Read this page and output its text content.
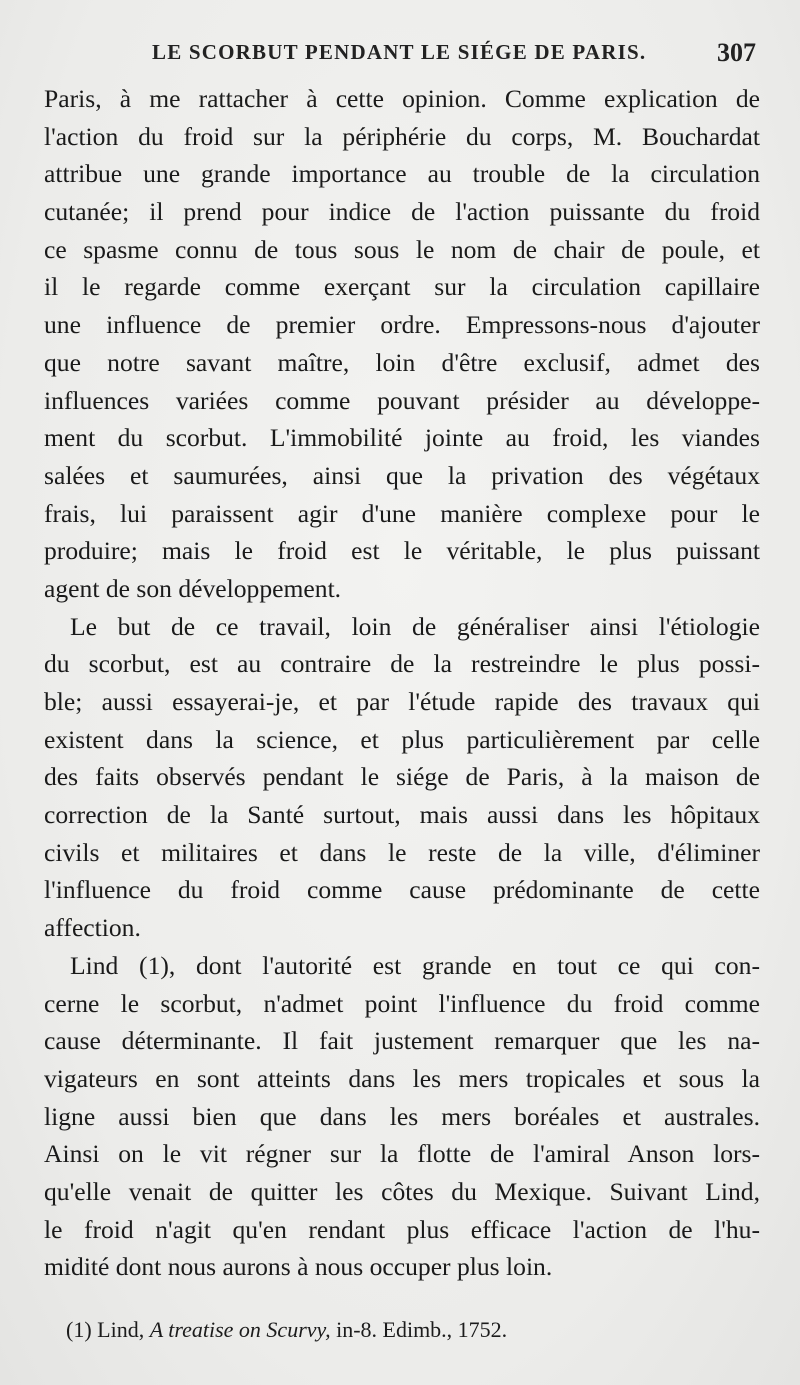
LE SCORBUT PENDANT LE SIÉGE DE PARIS.	307
Paris, à me rattacher à cette opinion. Comme explication de
l'action du froid sur la périphérie du corps, M. Bouchardat
attribue une grande importance au trouble de la circulation
cutanée; il prend pour indice de l'action puissante du froid
ce spasme connu de tous sous le nom de chair de poule, et
il le regarde comme exerçant sur la circulation capillaire
une influence de premier ordre. Empressons-nous d'ajouter
que notre savant maître, loin d'être exclusif, admet des
influences variées comme pouvant présider au développe-
ment du scorbut. L'immobilité jointe au froid, les viandes
salées et saumurées, ainsi que la privation des végétaux
frais, lui paraissent agir d'une manière complexe pour le
produire; mais le froid est le véritable, le plus puissant
agent de son développement.
Le but de ce travail, loin de généraliser ainsi l'étiologie
du scorbut, est au contraire de la restreindre le plus possi-
ble; aussi essayerai-je, et par l'étude rapide des travaux qui
existent dans la science, et plus particulièrement par celle
des faits observés pendant le siége de Paris, à la maison de
correction de la Santé surtout, mais aussi dans les hôpitaux
civils et militaires et dans le reste de la ville, d'éliminer
l'influence du froid comme cause prédominante de cette
affection.
Lind (1), dont l'autorité est grande en tout ce qui con-
cerne le scorbut, n'admet point l'influence du froid comme
cause déterminante. Il fait justement remarquer que les na-
vigateurs en sont atteints dans les mers tropicales et sous la
ligne aussi bien que dans les mers boréales et australes.
Ainsi on le vit régner sur la flotte de l'amiral Anson lors-
qu'elle venait de quitter les côtes du Mexique. Suivant Lind,
le froid n'agit qu'en rendant plus efficace l'action de l'hu-
midité dont nous aurons à nous occuper plus loin.
(1) Lind, A treatise on Scurvy, in-8. Edimb., 1752.
